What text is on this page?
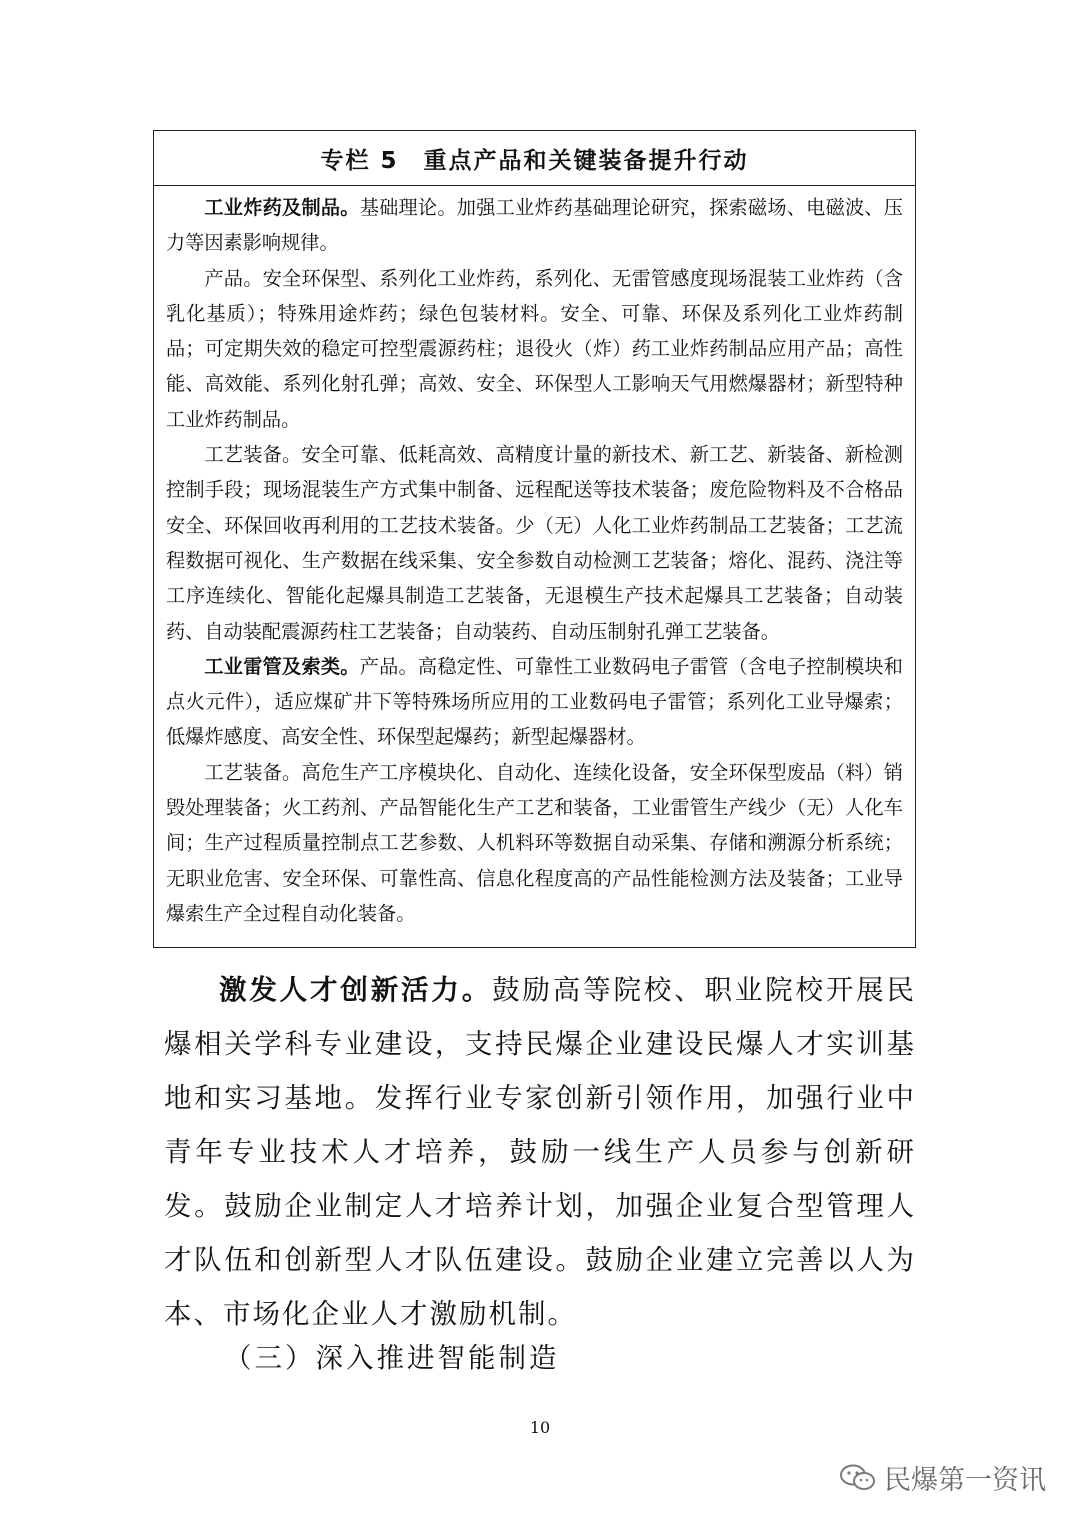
专栏 5　重点产品和关键装备提升行动

工业炸药及制品。基础理论。加强工业炸药基础理论研究，探索磁场、电磁波、压力等因素影响规律。

产品。安全环保型、系列化工业炸药，系列化、无雷管感度现场混装工业炸药（含乳化基质）；特殊用途炸药；绿色包装材料。安全、可靠、环保及系列化工业炸药制品；可定期失效的稳定可控型震源药柱；退役火（炸）药工业炸药制品应用产品；高性能、高效能、系列化射孔弹；高效、安全、环保型人工影响天气用燃爆器材；新型特种工业炸药制品。

工艺装备。安全可靠、低耗高效、高精度计量的新技术、新工艺、新装备、新检测控制手段；现场混装生产方式集中制备、远程配送等技术装备；废危险物料及不合格品安全、环保回收再利用的工艺技术装备。少（无）人化工业炸药制品工艺装备；工艺流程数据可视化、生产数据在线采集、安全参数自动检测工艺装备；熔化、混药、浇注等工序连续化、智能化起爆具制造工艺装备，无退模生产技术起爆具工艺装备；自动装药、自动装配震源药柱工艺装备；自动装药、自动压制射孔弹工艺装备。

工业雷管及索类。产品。高稳定性、可靠性工业数码电子雷管（含电子控制模块和点火元件），适应煤矿井下等特殊场所应用的工业数码电子雷管；系列化工业导爆索；低爆炸感度、高安全性、环保型起爆药；新型起爆器材。

工艺装备。高危生产工序模块化、自动化、连续化设备，安全环保型废品（料）销毁处理装备；火工药剂、产品智能化生产工艺和装备，工业雷管生产线少（无）人化车间；生产过程质量控制点工艺参数、人机料环等数据自动采集、存储和溯源分析系统；无职业危害、安全环保、可靠性高、信息化程度高的产品性能检测方法及装备；工业导爆索生产全过程自动化装备。

激发人才创新活力。鼓励高等院校、职业院校开展民爆相关学科专业建设，支持民爆企业建设民爆人才实训基地和实习基地。发挥行业专家创新引领作用，加强行业中青年专业技术人才培养，鼓励一线生产人员参与创新研发。鼓励企业制定人才培养计划，加强企业复合型管理人才队伍和创新型人才队伍建设。鼓励企业建立完善以人为本、市场化企业人才激励机制。

（三）深入推进智能制造

10
民爆第一资讯
